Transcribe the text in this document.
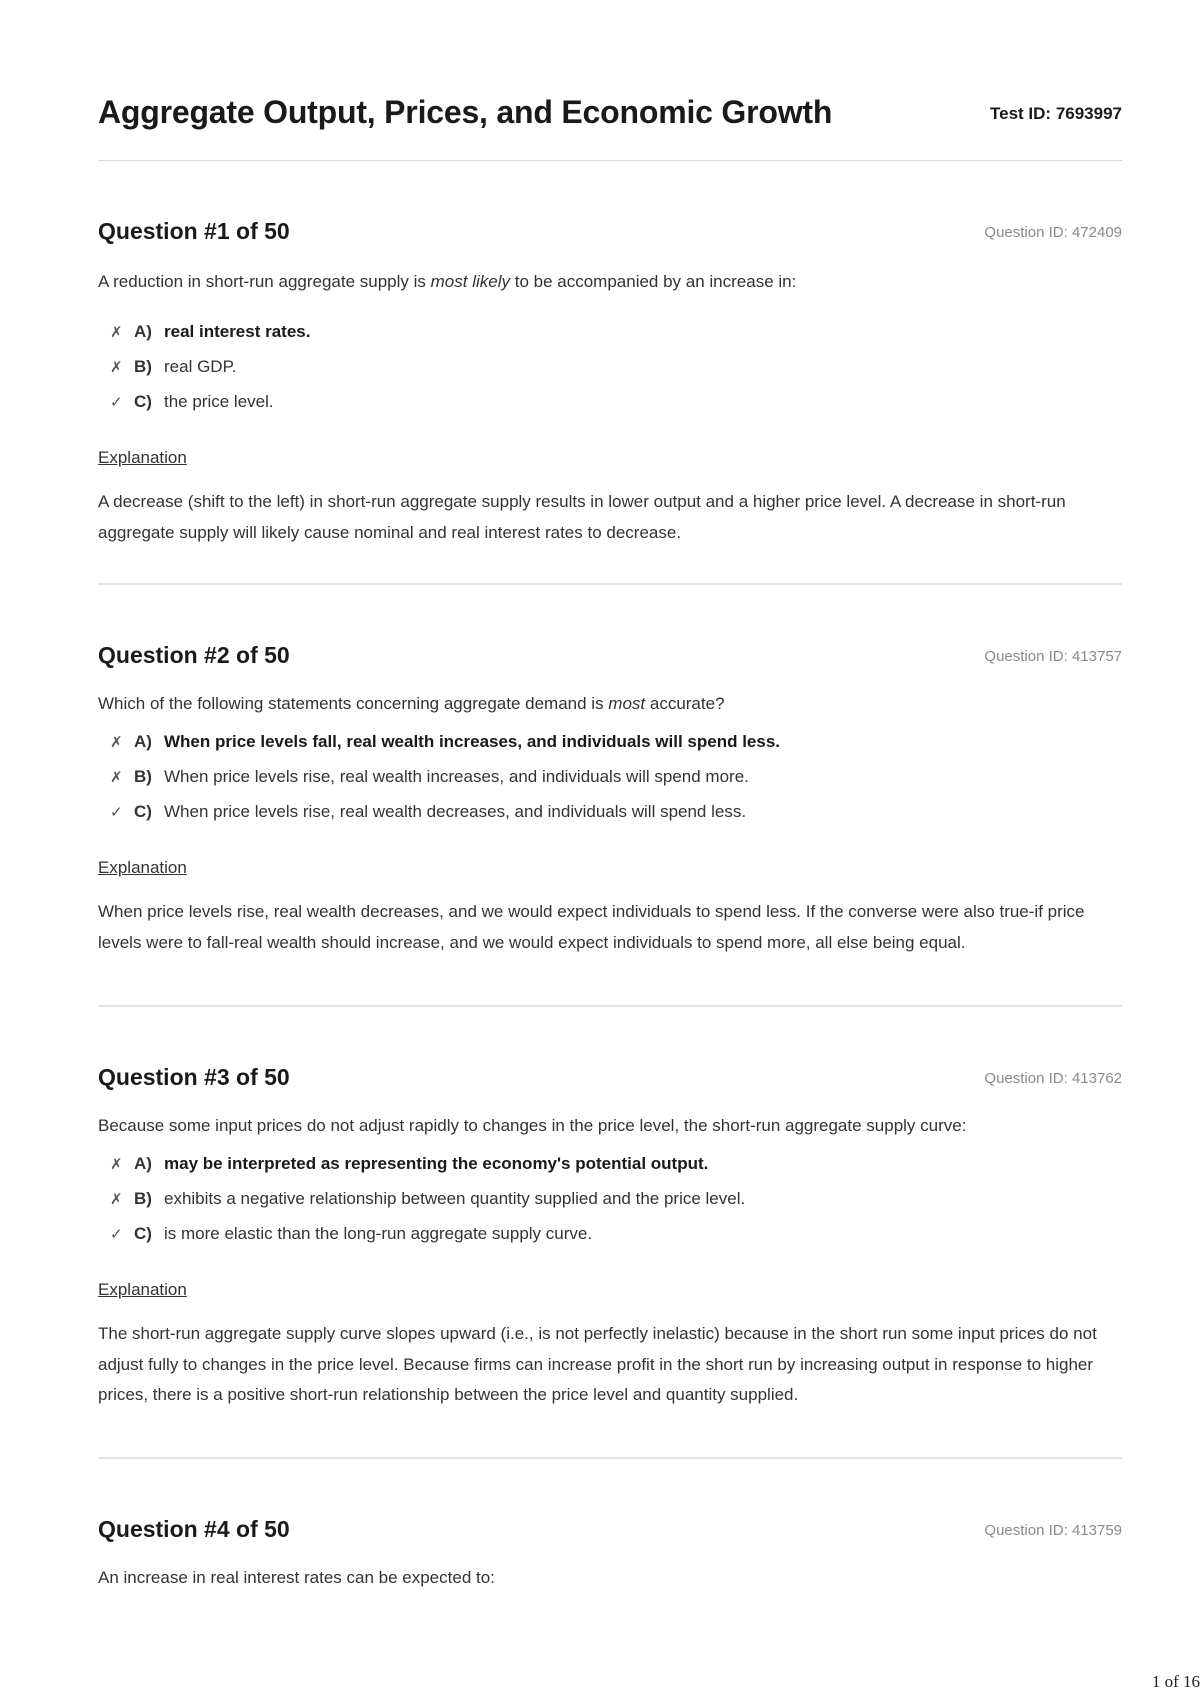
Aggregate Output, Prices, and Economic Growth	Test ID: 7693997
Question #1 of 50	Question ID: 472409

A reduction in short-run aggregate supply is most likely to be accompanied by an increase in:

✗ A) real interest rates.
✗ B) real GDP.
✓ C) the price level.

Explanation

A decrease (shift to the left) in short-run aggregate supply results in lower output and a higher price level. A decrease in short-run aggregate supply will likely cause nominal and real interest rates to decrease.

Question #2 of 50	Question ID: 413757

Which of the following statements concerning aggregate demand is most accurate?

✗ A) When price levels fall, real wealth increases, and individuals will spend less.
✗ B) When price levels rise, real wealth increases, and individuals will spend more.
✓ C) When price levels rise, real wealth decreases, and individuals will spend less.

Explanation

When price levels rise, real wealth decreases, and we would expect individuals to spend less. If the converse were also true-if price levels were to fall-real wealth should increase, and we would expect individuals to spend more, all else being equal.

Question #3 of 50	Question ID: 413762

Because some input prices do not adjust rapidly to changes in the price level, the short-run aggregate supply curve:

✗ A) may be interpreted as representing the economy's potential output.
✗ B) exhibits a negative relationship between quantity supplied and the price level.
✓ C) is more elastic than the long-run aggregate supply curve.

Explanation

The short-run aggregate supply curve slopes upward (i.e., is not perfectly inelastic) because in the short run some input prices do not adjust fully to changes in the price level. Because firms can increase profit in the short run by increasing output in response to higher prices, there is a positive short-run relationship between the price level and quantity supplied.

Question #4 of 50	Question ID: 413759

An increase in real interest rates can be expected to:

1 of 16
